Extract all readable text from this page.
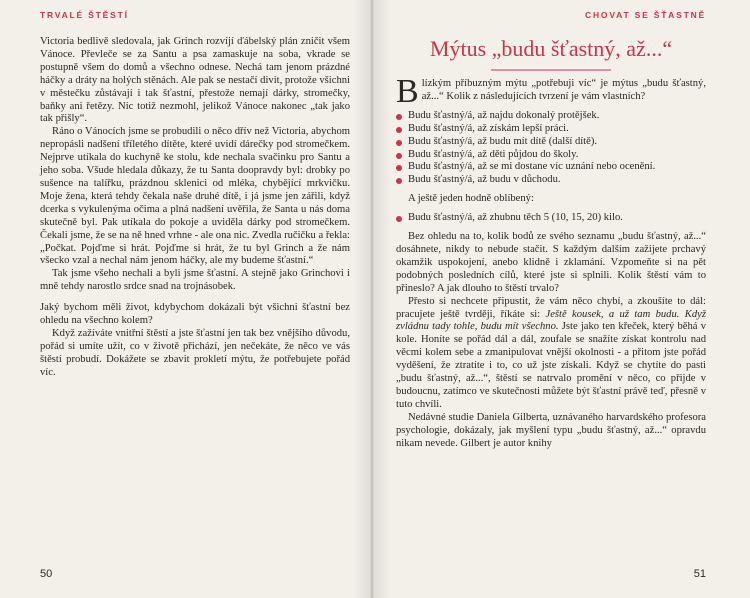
TRVALÉ ŠTĚSTÍ

Victoria bedlivě sledovala, jak Grinch rozvíjí ďábelský plán zničit všem Vánoce. Převleče se za Santu a psa zamaskuje na soba, vkrade se postupně všem do domů a všechno odnese. Nechá tam jenom prázdné háčky a dráty na holých stěnách. Ale pak se nestačí divit, protože všichni v městečku zůstávají i tak šťastní, přestože nemají dárky, stromečky, baňky ani řetězy. Nic totiž nezmohl, jelikož Vánoce nakonec „tak jako tak přišly“.

Ráno o Vánocích jsme se probudili o něco dřív než Victoria, abychom nepropásli nadšení tříletého dítěte, které uvidí dárečky pod stromečkem. Nejprve utíkala do kuchyně ke stolu, kde nechala svačinku pro Santu a jeho soba. Všude hledala důkazy, že tu Santa doopravdy byl: drobky po sušence na talířku, prázdnou sklenici od mléka, chybějící mrkvičku. Moje žena, která tehdy čekala naše druhé dítě, i já jsme jen zářili, když dcerka s vykulenýma očima a plná nadšení uvěřila, že Santa u nás doma skutečně byl. Pak utíkala do pokoje a uviděla dárky pod stromečkem. Čekali jsme, že se na ně hned vrhne - ale ona nic. Zvedla ručičku a řekla: „Počkat. Pojďme si hrát. Pojďme si hrát, že tu byl Grinch a že nám všecko vzal a nechal nám jenom háčky, ale my budeme šťastní.“

Tak jsme všeho nechali a byli jsme šťastní. A stejně jako Grinchovi i mně tehdy narostlo srdce snad na trojnásobek.

Jaký bychom měli život, kdybychom dokázali být všichni šťastní bez ohledu na všechno kolem?

Když zažíváte vnitřní štěstí a jste šťastní jen tak bez vnějšího důvodu, pořád si umíte užít, co v životě přichází, jen nečekáte, že něco ve vás štěstí probudí. Dokážete se zbavit prokletí mýtu, že potřebujete pořád víc.

50
CHOVAT SE ŠŤASTNĚ
Mýtus „budu šťastný, až...“

Blízkým příbuzným mýtu „potřebuji víc“ je mýtus „budu šťastný, až...“ Kolik z následujících tvrzení je vám vlastních?

Budu šťastný/á, až najdu dokonalý protějšek.
Budu šťastný/á, až získám lepší práci.
Budu šťastný/á, až budu mít dítě (další dítě).
Budu šťastný/á, až děti půjdou do školy.
Budu šťastný/á, až se mi dostane víc uznání nebo ocenění.
Budu šťastný/á, až budu v důchodu.

A ještě jeden hodně oblíbený:

Budu šťastný/á, až zhubnu těch 5 (10, 15, 20) kilo.

Bez ohledu na to, kolik bodů ze svého seznamu „budu šťastný, až...“ dosáhnete, nikdy to nebude stačit. S každým dalším zažijete prchavý okamžik uspokojení, anebo klidně i zklamání. Vzpomeňte si na pět podobných posledních cílů, které jste si splnili. Kolik štěstí vám to přineslo? A jak dlouho to štěstí trvalo?

Přesto si nechcete připustit, že vám něco chybí, a zkoušíte to dál: pracujete ještě tvrději, říkáte si: Ještě kousek, a už tam budu. Když zvládnu tady tohle, budu mít všechno. Jste jako ten křeček, který běhá v kole. Honíte se pořád dál a dál, zoufale se snažíte získat kontrolu nad věcmi kolem sebe a zmanipulovat vnější okolnosti - a přitom jste pořád vyděšení, že ztratíte i to, co už jste získali. Když se chytíte do pasti „budu šťastný, až...“, štěstí se natrvalo promění v něco, co přijde v budoucnu, zatímco ve skutečnosti můžete být šťastní právě teď, přesně v tuto chvíli.

Nedávné studie Daniela Gilberta, uznávaného harvardského profesora psychologie, dokázaly, jak myšlení typu „budu šťastný, až...“ opravdu nikam nevede. Gilbert je autor knihy

51
